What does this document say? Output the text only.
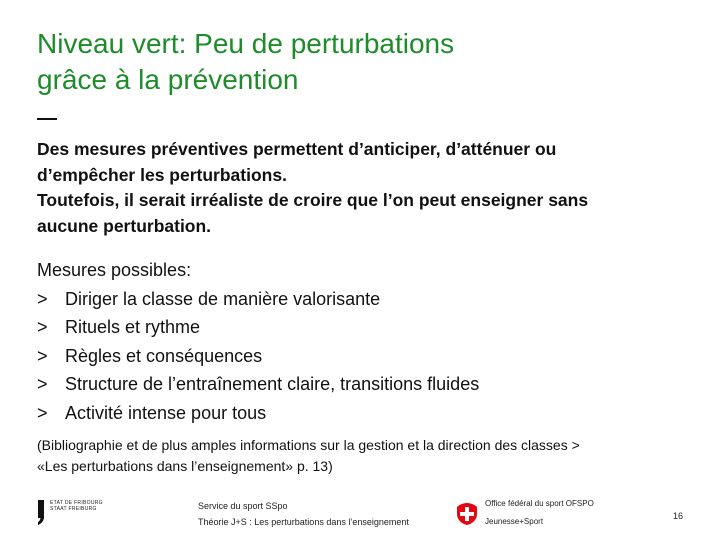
Niveau vert: Peu de perturbations
grâce à la prévention
Des mesures préventives permettent d’anticiper, d’atténuer ou
d’empêcher les perturbations.
Toutefois, il serait irréaliste de croire que l’on peut enseigner sans
aucune perturbation.
Mesures possibles:
> Diriger la classe de manière valorisante
> Rituels et rythme
> Règles et conséquences
> Structure de l’entraînement claire, transitions fluides
> Activité intense pour tous
(Bibliographie et de plus amples informations sur la gestion et la direction des classes >
«Les perturbations dans l’enseignement» p. 13)
ETAT DE FRIBOURG
STAAT FREIBURG	Service du sport SSpo
Théorie J+S : Les perturbations dans l’enseignement
Office fédéral du sport OFSPO
Jeunesse+Sport
16
